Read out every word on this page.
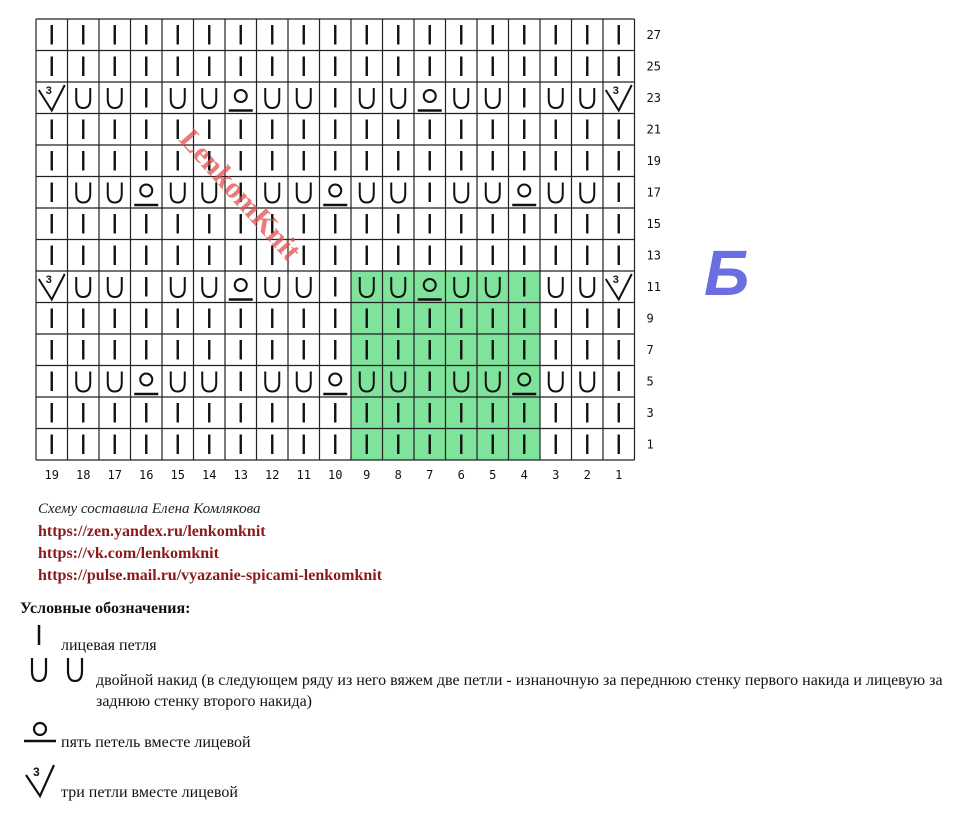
3	3
3	3
19 18 17 16 15 14 13 12 11 10 9 8 7 6 5 4 3 2 1
27
25
23
21
19
17
15
13
11
9
7
5
3
1
LenkomKnit
Б
Схему составила Елена Комлякова
https://zen.yandex.ru/lenkomknit
https://vk.com/lenkomknit
https://pulse.mail.ru/vyazanie-spicami-lenkomknit
Условные обозначения:
лицевая петля
двойной накид (в следующем ряду из него вяжем две петли - изнаночную за переднюю стенку первого накида и лицевую за заднюю стенку второго накида)
пять петель вместе лицевой
3
три петли вместе лицевой
